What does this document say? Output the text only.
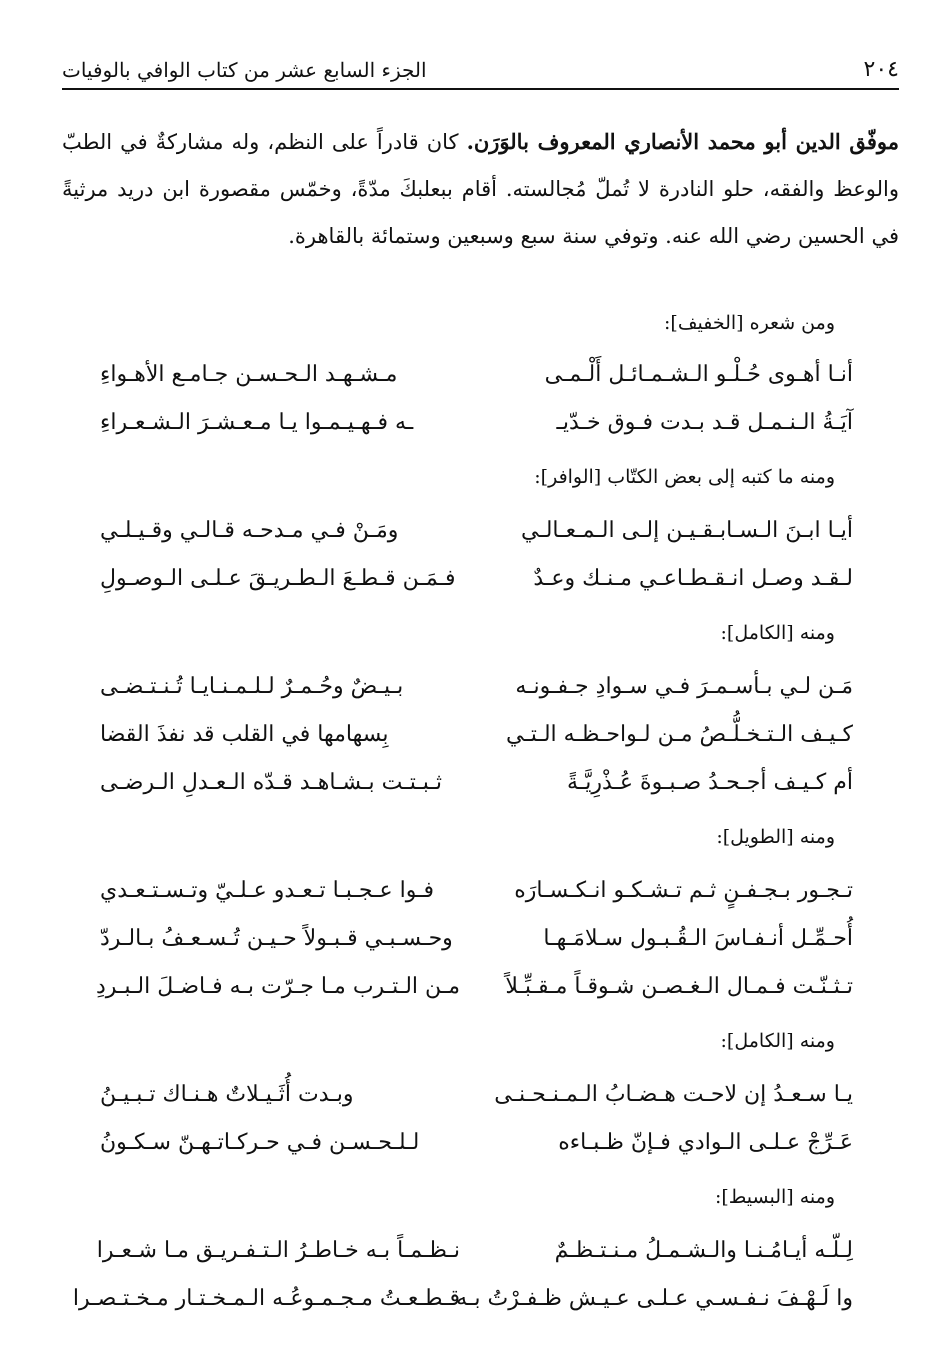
٢٠٤
الجزء السابع عشر من كتاب الوافي بالوفيات
موفّق الدين أبو محمد الأنصاري المعروف بالوَرَن. كان قادراً على النظم، وله مشاركةٌ في الطبّ والوعظ والفقه، حلو النادرة لا تُملّ مُجالسته. أقام ببعلبكَ مدّةً، وخمّس مقصورة ابن دريد مرثيةً في الحسين رضي الله عنه. وتوفي سنة سبع وسبعين وستمائة بالقاهرة.
ومن شعره [الخفيف]:
أنـا أهـوى حُـلْـو الـشـمـائـل أَلْـمـى
مـشـهـد الـحـسـن جـامـع الأهـواءِ
آيَـةُ الـنـمـل قـد بـدت فـوق خـدّيـ
ـه فـهـيـمـوا يـا مـعـشـرَ الـشـعـراءِ
ومنه ما كتبه إلى بعض الكتّاب [الوافر]:
أيـا ابـنَ الـسـابـقـيـن إلـى الـمـعـالـي
ومَـنْ فـي مـدحـه قـالـي وقـيـلـي
لـقـد وصـل انـقـطـاعـي مـنـك وعـدٌ
فـمَـن قـطـعَ الـطـريـقَ عـلـى الـوصـولِ
ومنه [الكامل]:
مَـن لـي بـأسـمـرَ فـي سـوادِ جـفـونـه
بـيـضٌ وحُـمـرٌ لـلـمـنـايـا تُـنـتـضـى
كـيـف الـتـخـلُّـصُ مـن لـواحـظـه الـتـي
بِسهامها في القلب قد نفذَ القضا
أم كـيـف أجـحـدُ صـبـوةَ عُـذْرِيَّـةً
ثـبـتـت بـشـاهـد قـدّه الـعـدلِ الـرضـى
ومنه [الطويل]:
تـجـور بـجـفـنٍ ثـم تـشـكـو انـكـسـارَه
فـوا عـجـبـا تـعـدو عـلـيّ وتـسـتـعـدي
أُحـمِّـل أنـفـاسَ الـقُـبـول سـلامَـهـا
وحـسـبـي قـبـولاً حـيـن تُـسـعـفُ بـالـردّ
تـثـنّـت فـمـال الـغـصـن شـوقـاً مـقـبِّـلاً
مـن الـتـرب مـا جـرّت بـه فـاضـلَ الـبـردِ
ومنه [الكامل]:
يـا سـعـدُ إن لاحـت هـضـابُ الـمـنـحـنـى
وبـدت أُثَـيـلاتٌ هـنـاك تـبـيـنُ
عَـرِّجْ عـلـى الـوادي فـإنّ ظـبـاءه
لـلـحـسـن فـي حـركـاتـهـنّ سـكـونُ
ومنه [البسيط]:
لِـلّـه أيـامُـنـا والـشـمـلُ مـنـتـظـمٌ
نـظـمـاً بـه خـاطـرُ الـتـفـريـق مـا شـعـرا
وا لَـهْـفَ نـفـسـي عـلـى عـيـش ظـفـرْتُ بـه
قـطـعـتُ مـجـمـوعُـه الـمـخـتـار مـخـتـصـرا
